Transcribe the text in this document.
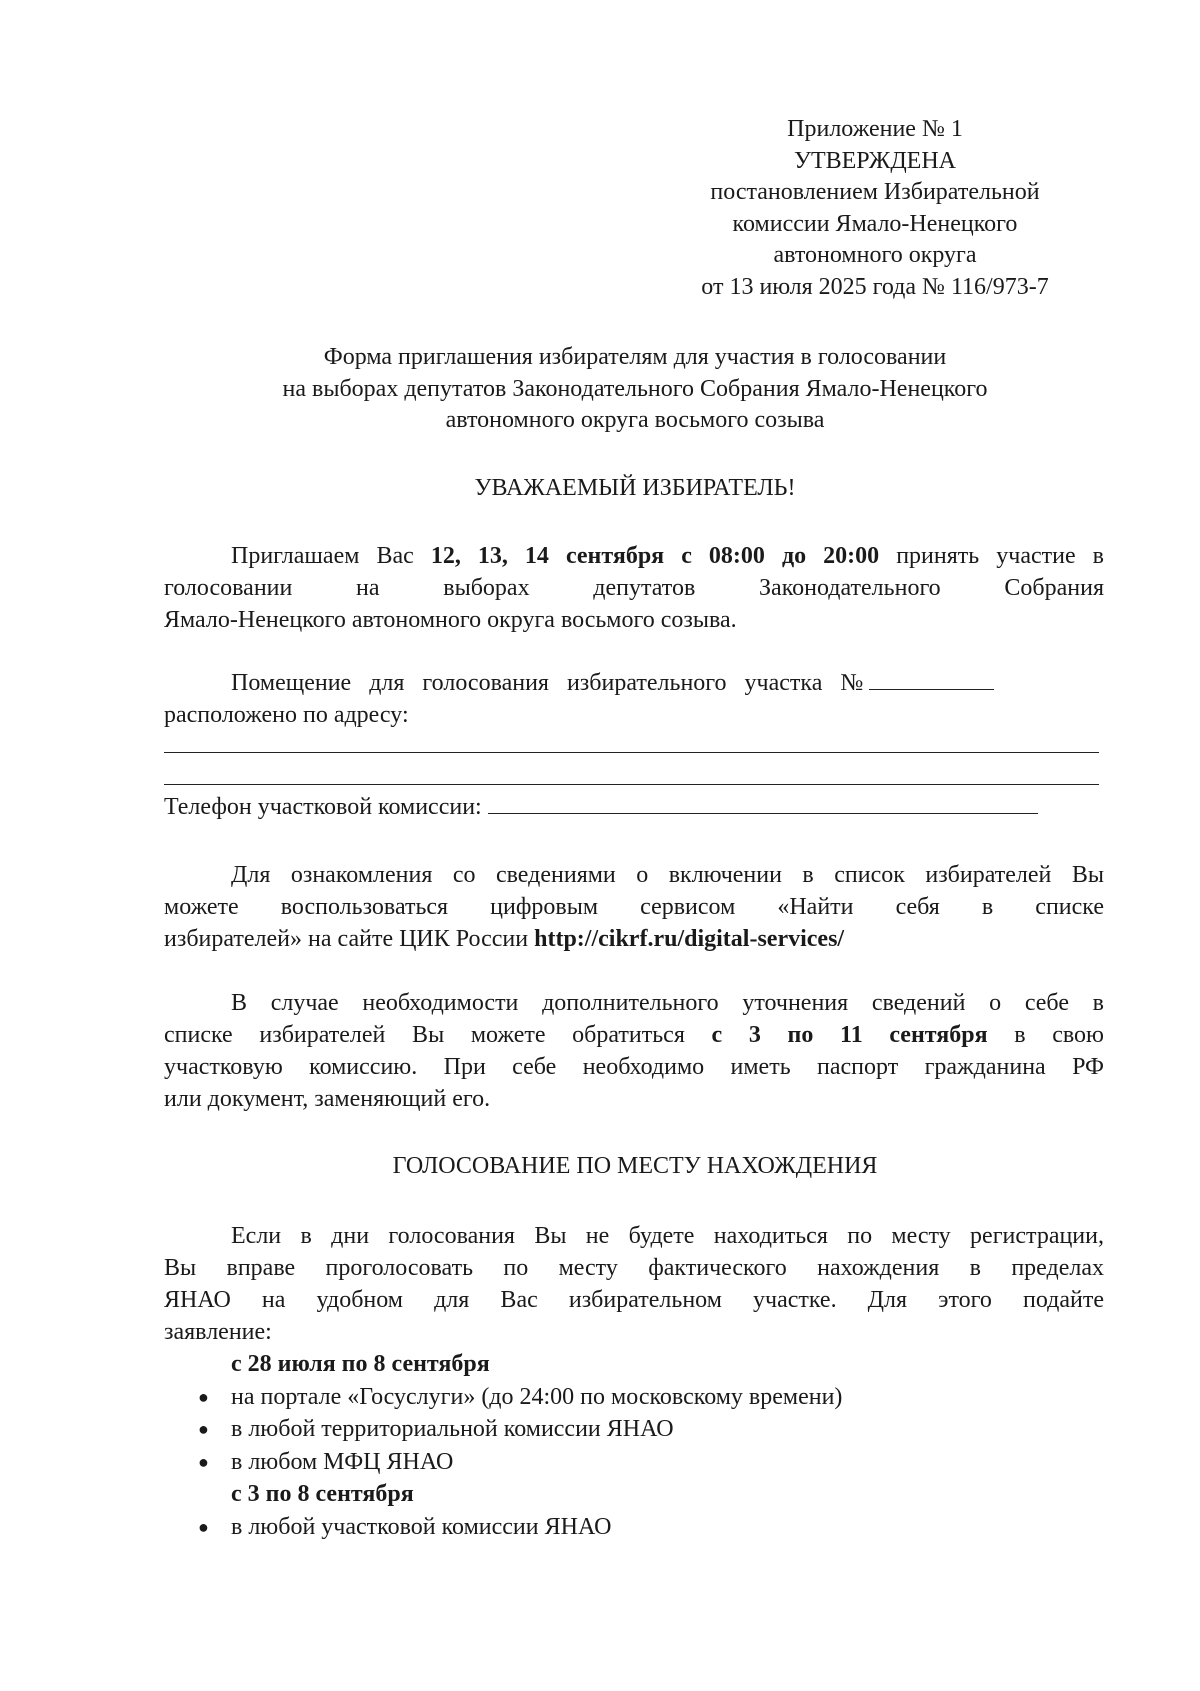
Приложение № 1
УТВЕРЖДЕНА
постановлением Избирательной
комиссии Ямало-Ненецкого
автономного округа
от 13 июля 2025 года № 116/973-7
Форма приглашения избирателям для участия в голосовании
на выборах депутатов Законодательного Собрания Ямало-Ненецкого
автономного округа восьмого созыва
УВАЖАЕМЫЙ ИЗБИРАТЕЛЬ!
Приглашаем Вас 12, 13, 14 сентября с 08:00 до 20:00 принять участие в
голосовании на выборах депутатов Законодательного Собрания
Ямало-Ненецкого автономного округа восьмого созыва.
Помещение для голосования избирательного участка №
расположено по адресу:
Телефон участковой комиссии:
Для ознакомления со сведениями о включении в список избирателей Вы
можете воспользоваться цифровым сервисом «Найти себя в списке
избирателей» на сайте ЦИК России http://cikrf.ru/digital-services/
В случае необходимости дополнительного уточнения сведений о себе в
списке избирателей Вы можете обратиться с 3 по 11 сентября в свою
участковую комиссию. При себе необходимо иметь паспорт гражданина РФ
или документ, заменяющий его.
ГОЛОСОВАНИЕ ПО МЕСТУ НАХОЖДЕНИЯ
Если в дни голосования Вы не будете находиться по месту регистрации,
Вы вправе проголосовать по месту фактического нахождения в пределах
ЯНАО на удобном для Вас избирательном участке. Для этого подайте
заявление:
с 28 июля по 8 сентября
● на портале «Госуслуги» (до 24:00 по московскому времени)
● в любой территориальной комиссии ЯНАО
● в любом МФЦ ЯНАО
с 3 по 8 сентября
● в любой участковой комиссии ЯНАО
